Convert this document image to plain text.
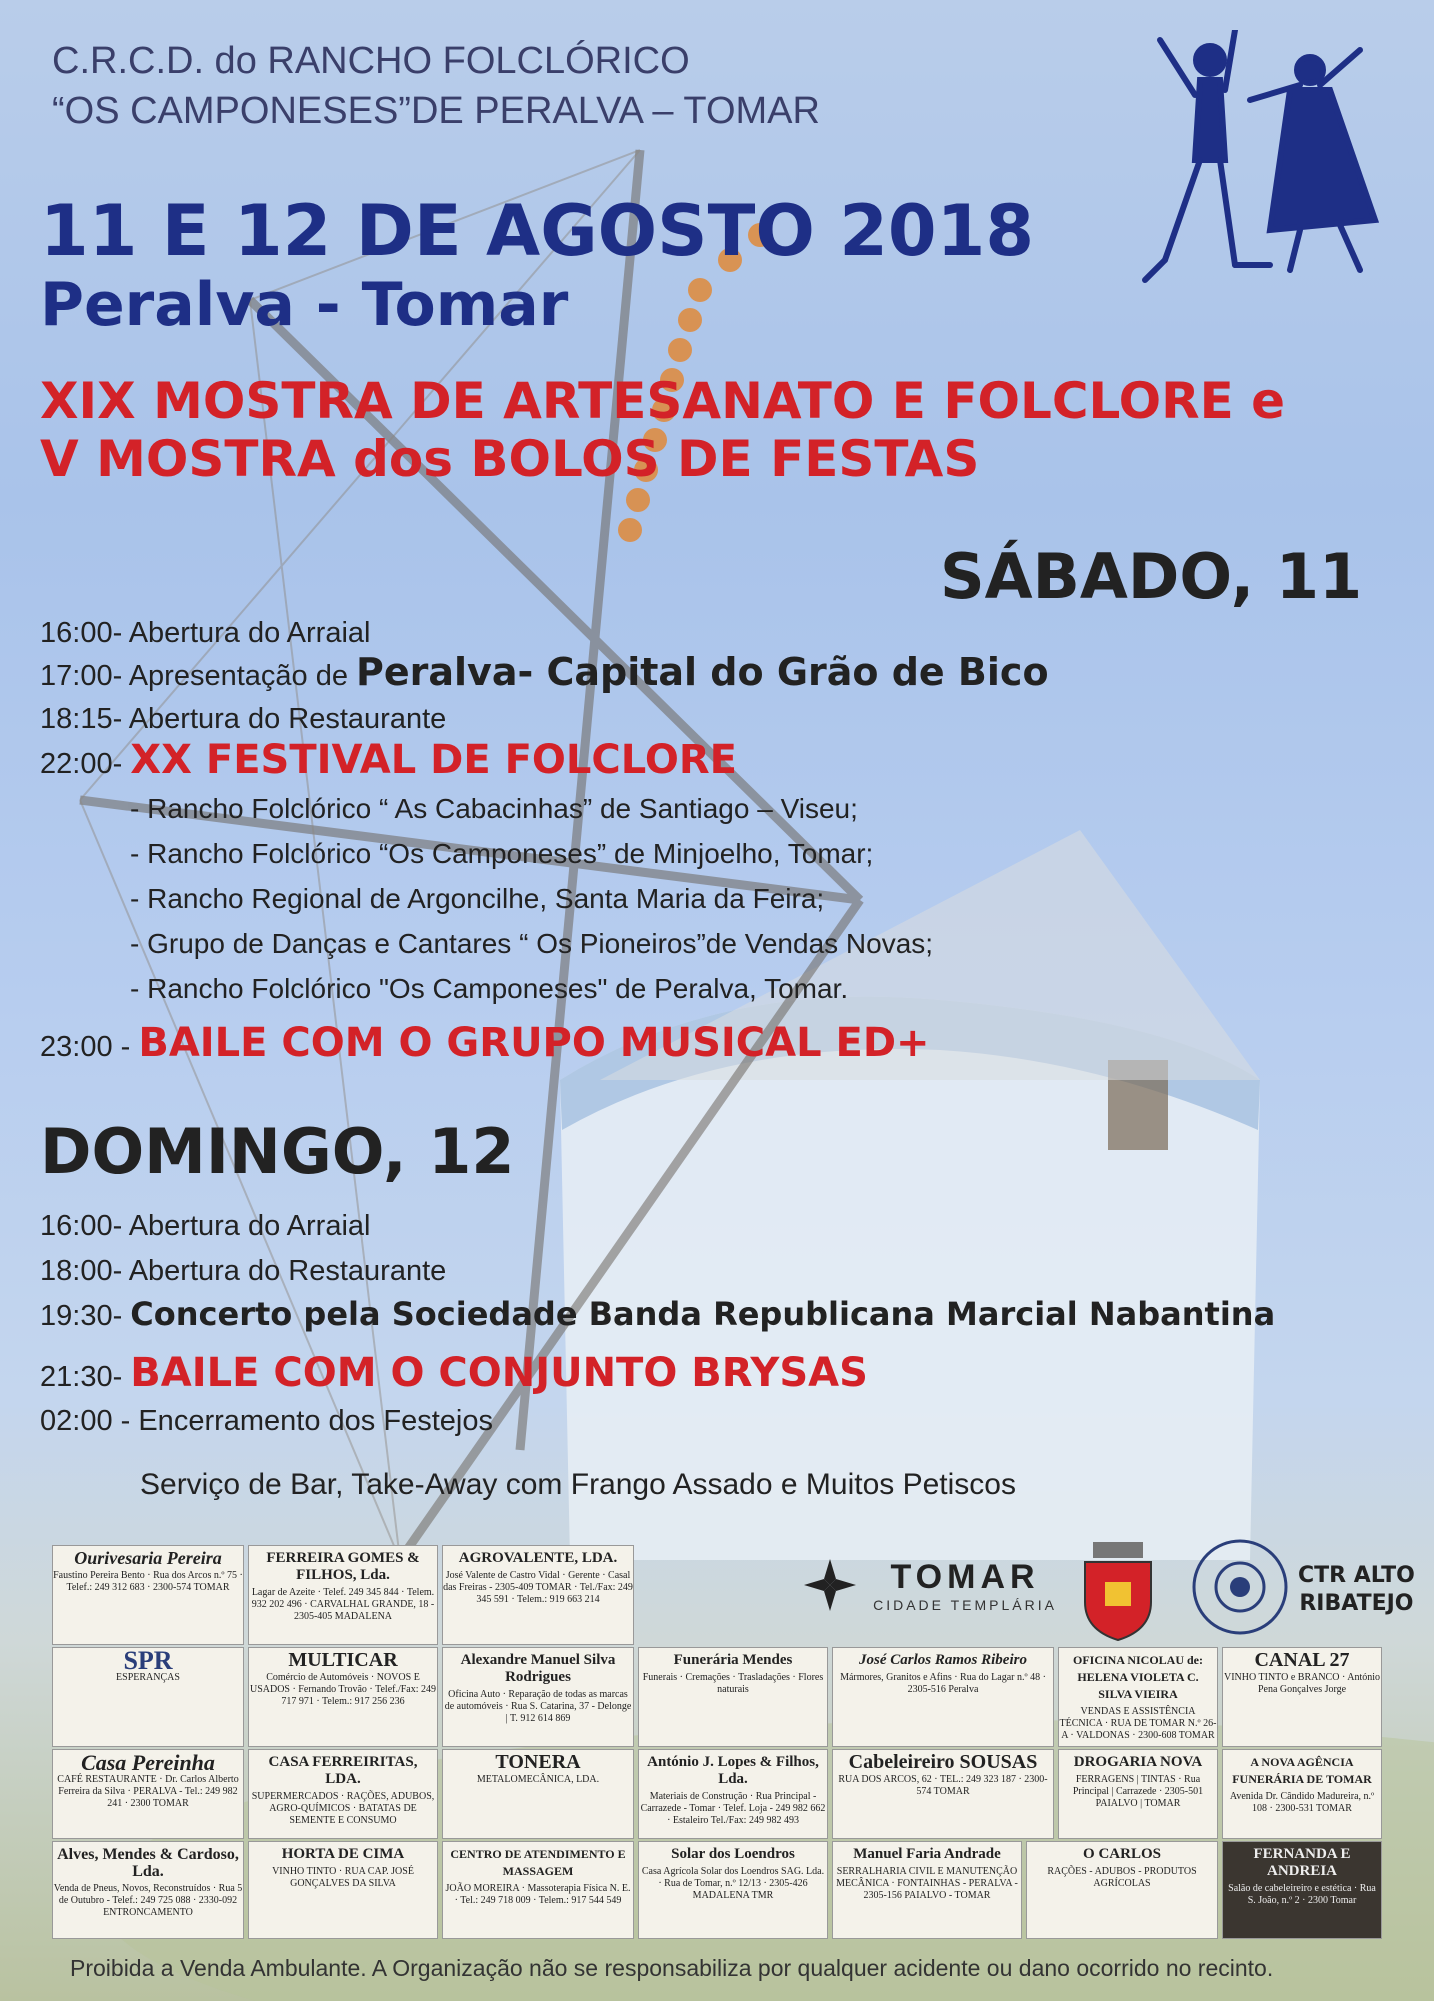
C.R.C.D. do RANCHO FOLCLÓRICO
“OS CAMPONESES”DE PERALVA – TOMAR
11 E 12 DE AGOSTO 2018
Peralva - Tomar
XIX MOSTRA DE ARTESANATO E FOLCLORE e
V MOSTRA dos BOLOS DE FESTAS
SÁBADO, 11
16:00- Abertura do Arraial
17:00- Apresentação de Peralva- Capital do Grão de Bico
18:15- Abertura do Restaurante
22:00- XX FESTIVAL DE FOLCLORE
- Rancho Folclórico “ As Cabacinhas” de Santiago – Viseu;
- Rancho Folclórico “Os Camponeses” de Minjoelho, Tomar;
- Rancho Regional de Argoncilhe, Santa Maria da Feira;
- Grupo de Danças e Cantares “ Os Pioneiros”de Vendas Novas;
- Rancho Folclórico "Os Camponeses" de Peralva, Tomar.
23:00 - BAILE COM O GRUPO MUSICAL ED+
DOMINGO, 12
16:00- Abertura do Arraial
18:00- Abertura do Restaurante
19:30- Concerto pela Sociedade Banda Republicana Marcial Nabantina
21:30- BAILE COM O CONJUNTO BRYSAS
02:00 - Encerramento dos Festejos
Serviço de Bar, Take-Away com Frango Assado e Muitos Petiscos

TOMAR
CIDADE TEMPLÁRIA
CTR ALTO
RIBATEJO
Ourivesaria Pereira
Faustino Pereira Bento · Rua dos Arcos n.º 75 · Telef.: 249 312 683 · 2300-574 TOMAR
FERREIRA GOMES & FILHOS, Lda.
Lagar de Azeite · Telef. 249 345 844 · Telem. 932 202 496 · CARVALHAL GRANDE, 18 - 2305-405 MADALENA
AGROVALENTE, LDA.
José Valente de Castro Vidal · Gerente · Casal das Freiras - 2305-409 TOMAR · Tel./Fax: 249 345 591 · Telem.: 919 663 214
SPR
ESPERANÇAS
MULTICAR
Comércio de Automóveis · NOVOS E USADOS · Fernando Trovão · Telef./Fax: 249 717 971 · Telem.: 917 256 236
Alexandre Manuel Silva Rodrigues
Oficina Auto · Reparação de todas as marcas de automóveis · Rua S. Catarina, 37 - Delonge | T. 912 614 869
Funerária Mendes
Funerais · Cremações · Trasladações · Flores naturais
José Carlos Ramos Ribeiro
Mármores, Granitos e Afins · Rua do Lagar n.º 48 · 2305-516 Peralva
OFICINA NICOLAU de: HELENA VIOLETA C. SILVA VIEIRA
VENDAS E ASSISTÊNCIA TÉCNICA · RUA DE TOMAR N.º 26-A · VALDONAS · 2300-608 TOMAR
CANAL 27
VINHO TINTO e BRANCO · António Pena Gonçalves Jorge
Casa Pereinha
CAFÉ RESTAURANTE · Dr. Carlos Alberto Ferreira da Silva · PERALVA - Tel.: 249 982 241 · 2300 TOMAR
CASA FERREIRITAS, LDA.
SUPERMERCADOS · RAÇÕES, ADUBOS, AGRO-QUÍMICOS · BATATAS DE SEMENTE E CONSUMO
TONERA
METALOMECÂNICA, LDA.
António J. Lopes & Filhos, Lda.
Materiais de Construção · Rua Principal - Carrazede - Tomar · Telef. Loja - 249 982 662 · Estaleiro Tel./Fax: 249 982 493
Cabeleireiro SOUSAS
RUA DOS ARCOS, 62 · TEL.: 249 323 187 · 2300-574 TOMAR
DROGARIA NOVA
FERRAGENS | TINTAS · Rua Principal | Carrazede · 2305-501 PAIALVO | TOMAR
A NOVA AGÊNCIA FUNERÁRIA DE TOMAR
Avenida Dr. Cândido Madureira, n.º 108 · 2300-531 TOMAR
Alves, Mendes & Cardoso, Lda.
Venda de Pneus, Novos, Reconstruídos · Rua 5 de Outubro - Telef.: 249 725 088 · 2330-092 ENTRONCAMENTO
HORTA DE CIMA
VINHO TINTO · RUA CAP. JOSÉ GONÇALVES DA SILVA
CENTRO DE ATENDIMENTO E MASSAGEM
JOÃO MOREIRA · Massoterapia Física N. E. · Tel.: 249 718 009 · Telem.: 917 544 549
Solar dos Loendros
Casa Agrícola Solar dos Loendros SAG. Lda. · Rua de Tomar, n.º 12/13 · 2305-426 MADALENA TMR
Manuel Faria Andrade
SERRALHARIA CIVIL E MANUTENÇÃO MECÂNICA · FONTAINHAS - PERALVA - 2305-156 PAIALVO - TOMAR
O CARLOS
RAÇÕES - ADUBOS - PRODUTOS AGRÍCOLAS
FERNANDA E ANDREIA
Salão de cabeleireiro e estética · Rua S. João, n.º 2 · 2300 Tomar
Proibida a Venda Ambulante. A Organização não se responsabiliza por qualquer acidente ou dano ocorrido no recinto.
